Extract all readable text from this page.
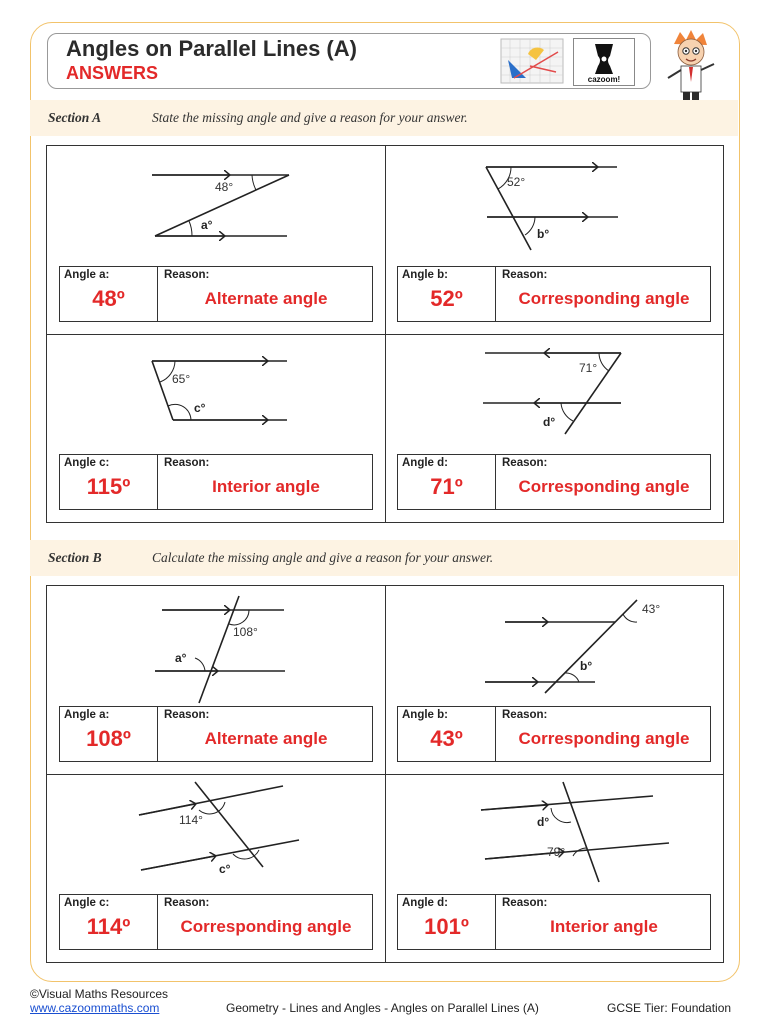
Angles on Parallel Lines (A)
ANSWERS	cazoom!
Section A	State the missing angle and give a reason for your answer.
48°
a°
Angle a:	Reason:
48º	Alternate angle
52°
b°
Angle b:	Reason:
52º	Corresponding angle
65°
c°
Angle c:	Reason:
115º	Interior angle
71°
d°
Angle d:	Reason:
71º	Corresponding angle
Section B	Calculate the missing angle and give a reason for your answer.
108°
a°
Angle a:	Reason:
108º	Alternate angle
43°
b°
Angle b:	Reason:
43º	Corresponding angle
114°
c°
Angle c:	Reason:
114º	Corresponding angle
d°
79°
Angle d:	Reason:
101º	Interior angle
©Visual Maths Resources
www.cazoommaths.com	Geometry - Lines and Angles - Angles on Parallel Lines (A)	GCSE Tier: Foundation
